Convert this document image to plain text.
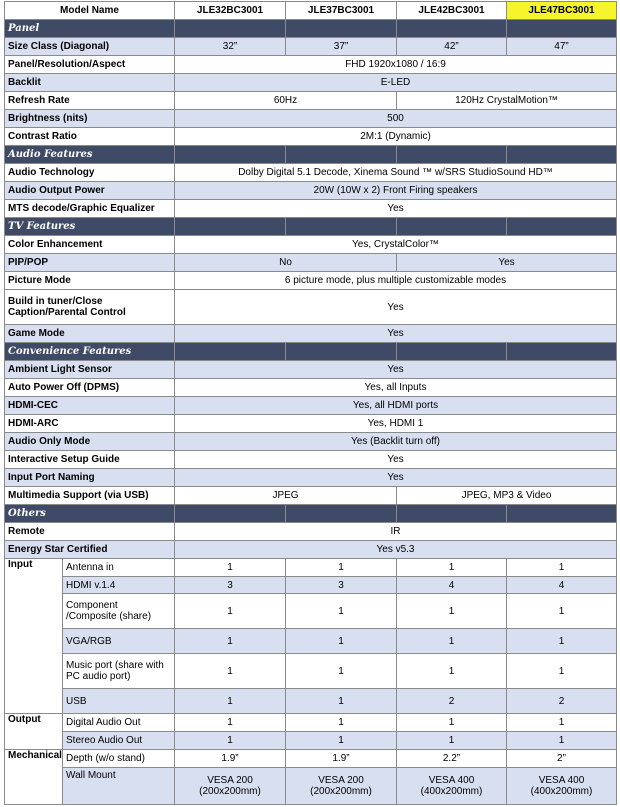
Model Name		JLE32BC3001	JLE37BC3001	JLE42BC3001	JLE47BC3001
Panel					
Size Class (Diagonal)		32”	37”	42”	47”
Panel/Resolution/Aspect		FHD 1920x1080 / 16:9			
Backlit		E-LED			
Refresh Rate		60Hz		120Hz CrystalMotion™	
Brightness (nits)		500			
Contrast Ratio		2M:1 (Dynamic)			
Audio Features					
Audio Technology		Dolby Digital 5.1 Decode, Xinema Sound ™ w/SRS StudioSound HD™			
Audio Output Power		20W (10W x 2) Front Firing speakers			
MTS decode/Graphic Equalizer		Yes			
TV Features					
Color Enhancement		Yes, CrystalColor™			
PIP/POP		No		Yes	
Picture Mode		6 picture mode, plus multiple customizable modes			
Build in tuner/Close Caption/Parental Control		Yes			
Game Mode		Yes			
Convenience Features					
Ambient Light Sensor		Yes			
Auto Power Off (DPMS)		Yes, all Inputs			
HDMI-CEC		Yes, all HDMI ports			
HDMI-ARC		Yes, HDMI 1			
Audio Only Mode		Yes (Backlit turn off)			
Interactive Setup Guide		Yes			
Input Port Naming		Yes			
Multimedia Support (via USB)		JPEG		JPEG, MP3 & Video	
Others					
Remote		IR			
Energy Star Certified		Yes v5.3			
Input	Antenna in	1	1	1	1
	HDMI v.1.4	3	3	4	4
	Component /Composite (share)	1	1	1	1
	VGA/RGB	1	1	1	1
	Music port (share with PC audio port)	1	1	1	1
	USB	1	1	2	2
Output	Digital Audio Out	1	1	1	1
	Stereo Audio Out	1	1	1	1
Mechanical	Depth (w/o stand)	1.9”	1.9”	2.2”	2”
	Wall Mount	VESA 200 (200x200mm)	VESA 200 (200x200mm)	VESA 400 (400x200mm)	VESA 400 (400x200mm)
